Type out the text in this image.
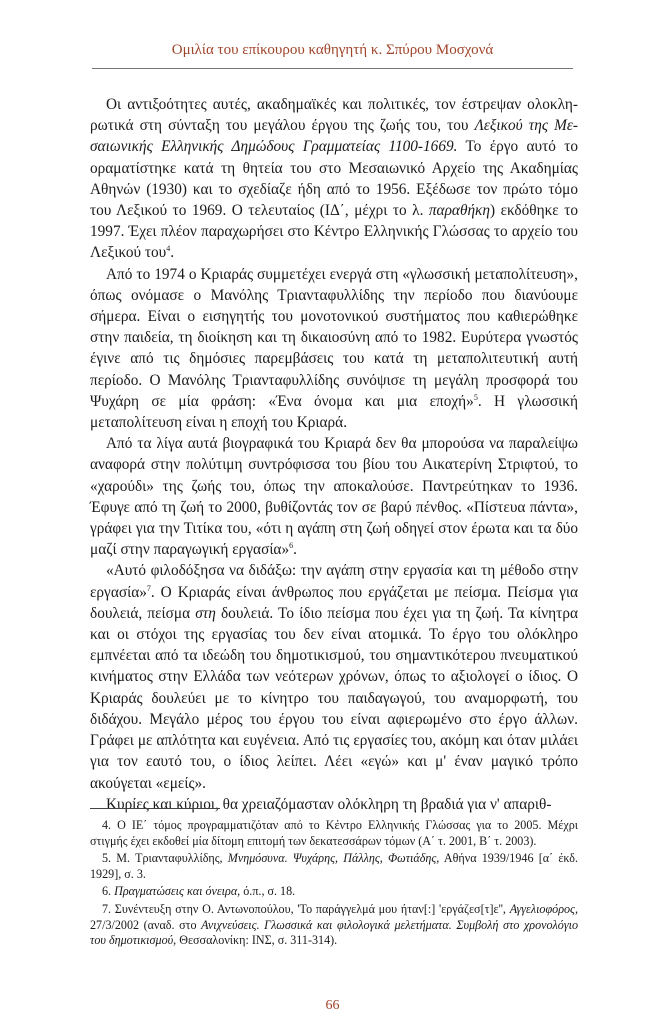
Ομιλία του επίκουρου καθηγητή κ. Σπύρου Μοσχονά

Οι αντιξοότητες αυτές, ακαδημαϊκές και πολιτικές, τον έστρεψαν ολοκληρωτικά στη σύνταξη του μεγάλου έργου της ζωής του, του Λεξικού της Μεσαιωνικής Ελληνικής Δημώδους Γραμματείας 1100-1669. Το έργο αυτό το οραματίστηκε κατά τη θητεία του στο Μεσαιωνικό Αρχείο της Ακαδημίας Αθηνών (1930) και το σχεδίαζε ήδη από το 1956. Εξέδωσε τον πρώτο τόμο του Λεξικού το 1969. Ο τελευταίος (ΙΔ΄, μέχρι το λ. παραθήκη) εκδόθηκε το 1997. Έχει πλέον παραχωρήσει στο Κέντρο Ελληνικής Γλώσσας το αρχείο του Λεξικού του$^4$.

Από το 1974 ο Κριαράς συμμετέχει ενεργά στη «γλωσσική μεταπολίτευση», όπως ονόμασε ο Μανόλης Τριανταφυλλίδης την περίοδο που διανύουμε σήμερα. Είναι ο εισηγητής του μονοτονικού συστήματος που καθιερώθηκε στην παιδεία, τη διοίκηση και τη δικαιοσύνη από το 1982. Ευρύτερα γνωστός έγινε από τις δημόσιες παρεμβάσεις του κατά τη μεταπολιτευτική αυτή περίοδο. Ο Μανόλης Τριανταφυλλίδης συνόψισε τη μεγάλη προσφορά του Ψυχάρη σε μία φράση: «Ένα όνομα και μια εποχή»$^5$. Η γλωσσική μεταπολίτευση είναι η εποχή του Κριαρά.

Από τα λίγα αυτά βιογραφικά του Κριαρά δεν θα μπορούσα να παραλείψω αναφορά στην πολύτιμη συντρόφισσα του βίου του Αικατερίνη Στριφτού, το «χαρούδι» της ζωής του, όπως την αποκαλούσε. Παντρεύτηκαν το 1936. Έφυγε από τη ζωή το 2000, βυθίζοντάς τον σε βαρύ πένθος. «Πίστευα πάντα», γράφει για την Τιτίκα του, «ότι η αγάπη στη ζωή οδηγεί στον έρωτα και τα δύο μαζί στην παραγωγική εργασία»$^6$.

«Αυτό φιλοδόξησα να διδάξω: την αγάπη στην εργασία και τη μέθοδο στην εργασία»$^7$. Ο Κριαράς είναι άνθρωπος που εργάζεται με πείσμα. Πείσμα για δουλειά, πείσμα στη δουλειά. Το ίδιο πείσμα που έχει για τη ζωή. Τα κίνητρα και οι στόχοι της εργασίας του δεν είναι ατομικά. Το έργο του ολόκληρο εμπνέεται από τα ιδεώδη του δημοτικισμού, του σημαντικότερου πνευματικού κινήματος στην Ελλάδα των νεότερων χρόνων, όπως το αξιολογεί ο ίδιος. Ο Κριαράς δουλεύει με το κίνητρο του παιδαγωγού, του αναμορφωτή, του διδάχου. Μεγάλο μέρος του έργου του είναι αφιερωμένο στο έργο άλλων. Γράφει με απλότητα και ευγένεια. Από τις εργασίες του, ακόμη και όταν μιλάει για τον εαυτό του, ο ίδιος λείπει. Λέει «εγώ» και μ' έναν μαγικό τρόπο ακούγεται «εμείς».

Κυρίες και κύριοι, θα χρειαζόμασταν ολόκληρη τη βραδιά για ν' απαριθ-

4. Ο ΙΕ΄ τόμος προγραμματιζόταν από το Κέντρο Ελληνικής Γλώσσας για το 2005. Μέχρι στιγμής έχει εκδοθεί μία δίτομη επιτομή των δεκατεσσάρων τόμων (Α΄ τ. 2001, Β΄ τ. 2003).

5. Μ. Τριανταφυλλίδης, Μνημόσυνα. Ψυχάρης, Πάλλης, Φωτιάδης, Αθήνα 1939/1946 [α΄ έκδ. 1929], σ. 3.

6. Πραγματώσεις και όνειρα, ό.π., σ. 18.

7. Συνέντευξη στην Ο. Αντωνοπούλου, 'Το παράγγελμά μου ήταν[:] 'εργάζεσ[τ]ε'', Αγγελιοφόρος, 27/3/2002 (αναδ. στο Ανιχνεύσεις. Γλωσσικά και φιλολογικά μελετήματα. Συμβολή στο χρονολόγιο του δημοτικισμού, Θεσσαλονίκη: ΙΝΣ, σ. 311-314).

66
